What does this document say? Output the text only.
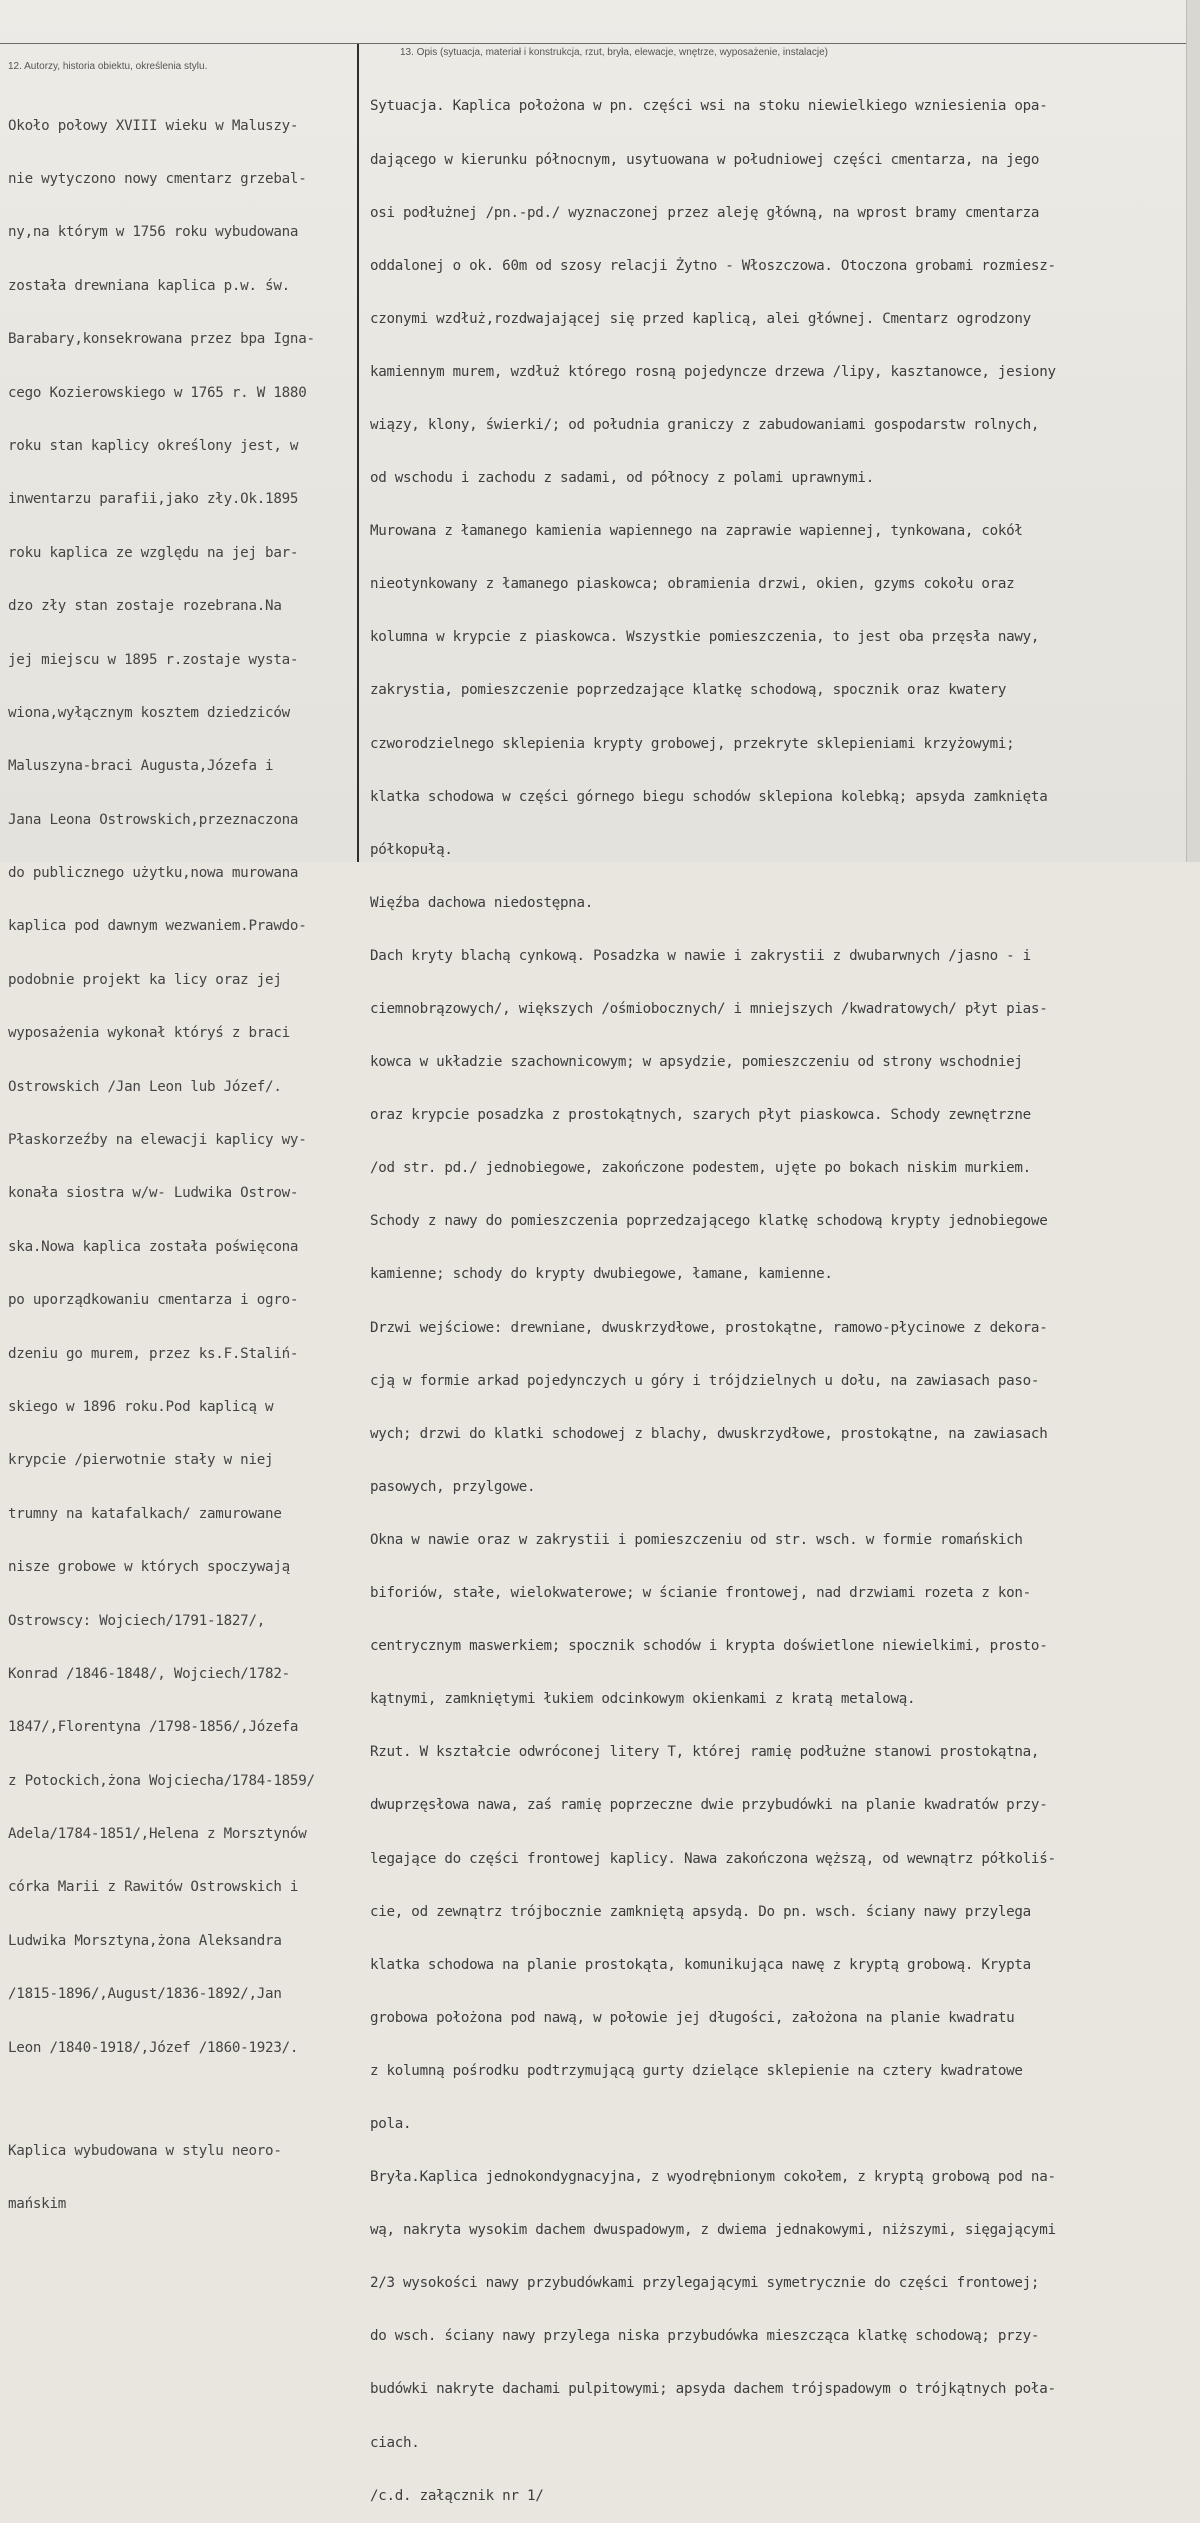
12. Autorzy, historia obiektu, określenia stylu.
13. Opis (sytuacja, materiał i konstrukcja, rzut, bryła, elewacje, wnętrze, wyposażenie, instalacje)

Około połowy XVIII wieku w Maluszy-

nie wytyczono nowy cmentarz grzebal-

ny,na którym w 1756 roku wybudowana

została drewniana kaplica p.w. św.

Barabary,konsekrowana przez bpa Igna-

cego Kozierowskiego w 1765 r. W 1880

roku stan kaplicy określony jest, w

inwentarzu parafii,jako zły.Ok.1895

roku kaplica ze względu na jej bar-

dzo zły stan zostaje rozebrana.Na

jej miejscu w 1895 r.zostaje wysta-

wiona,wyłącznym kosztem dziedziców

Maluszyna-braci Augusta,Józefa i

Jana Leona Ostrowskich,przeznaczona

do publicznego użytku,nowa murowana

kaplica pod dawnym wezwaniem.Prawdo-

podobnie projekt ka licy oraz jej

wyposażenia wykonał któryś z braci

Ostrowskich /Jan Leon lub Józef/.

Płaskorzeźby na elewacji kaplicy wy-

konała siostra w/w- Ludwika Ostrow-

ska.Nowa kaplica została poświęcona

po uporządkowaniu cmentarza i ogro-

dzeniu go murem, przez ks.F.Staliń-

skiego w 1896 roku.Pod kaplicą w

krypcie /pierwotnie stały w niej

trumny na katafalkach/ zamurowane

nisze grobowe w których spoczywają

Ostrowscy: Wojciech/1791-1827/,

Konrad /1846-1848/, Wojciech/1782-

1847/,Florentyna /1798-1856/,Józefa

z Potockich,żona Wojciecha/1784-1859/

Adela/1784-1851/,Helena z Morsztynów

córka Marii z Rawitów Ostrowskich i

Ludwika Morsztyna,żona Aleksandra

/1815-1896/,August/1836-1892/,Jan

Leon /1840-1918/,Józef /1860-1923/.

Kaplica wybudowana w stylu neoro-

mańskim

Sytuacja. Kaplica położona w pn. części wsi na stoku niewielkiego wzniesienia opa-

dającego w kierunku północnym, usytuowana w południowej części cmentarza, na jego

osi podłużnej /pn.-pd./ wyznaczonej przez aleję główną, na wprost bramy cmentarza

oddalonej o ok. 60m od szosy relacji Żytno - Włoszczowa. Otoczona grobami rozmiesz-

czonymi wzdłuż,rozdwajającej się przed kaplicą, alei głównej. Cmentarz ogrodzony

kamiennym murem, wzdłuż którego rosną pojedyncze drzewa /lipy, kasztanowce, jesiony

wiązy, klony, świerki/; od południa graniczy z zabudowaniami gospodarstw rolnych,

od wschodu i zachodu z sadami, od północy z polami uprawnymi.

Murowana z łamanego kamienia wapiennego na zaprawie wapiennej, tynkowana, cokół

nieotynkowany z łamanego piaskowca; obramienia drzwi, okien, gzyms cokołu oraz

kolumna w krypcie z piaskowca. Wszystkie pomieszczenia, to jest oba przęsła nawy,

zakrystia, pomieszczenie poprzedzające klatkę schodową, spocznik oraz kwatery

czworodzielnego sklepienia krypty grobowej, przekryte sklepieniami krzyżowymi;

klatka schodowa w części górnego biegu schodów sklepiona kolebką; apsyda zamknięta

półkopułą.

Więźba dachowa niedostępna.

Dach kryty blachą cynkową. Posadzka w nawie i zakrystii z dwubarwnych /jasno - i

ciemnobrązowych/, większych /ośmiobocznych/ i mniejszych /kwadratowych/ płyt pias-

kowca w układzie szachownicowym; w apsydzie, pomieszczeniu od strony wschodniej

oraz krypcie posadzka z prostokątnych, szarych płyt piaskowca. Schody zewnętrzne

/od str. pd./ jednobiegowe, zakończone podestem, ujęte po bokach niskim murkiem.

Schody z nawy do pomieszczenia poprzedzającego klatkę schodową krypty jednobiegowe

kamienne; schody do krypty dwubiegowe, łamane, kamienne.

Drzwi wejściowe: drewniane, dwuskrzydłowe, prostokątne, ramowo-płycinowe z dekora-

cją w formie arkad pojedynczych u góry i trójdzielnych u dołu, na zawiasach paso-

wych; drzwi do klatki schodowej z blachy, dwuskrzydłowe, prostokątne, na zawiasach

pasowych, przylgowe.

Okna w nawie oraz w zakrystii i pomieszczeniu od str. wsch. w formie romańskich

biforiów, stałe, wielokwaterowe; w ścianie frontowej, nad drzwiami rozeta z kon-

centrycznym maswerkiem; spocznik schodów i krypta doświetlone niewielkimi, prosto-

kątnymi, zamkniętymi łukiem odcinkowym okienkami z kratą metalową.

Rzut. W kształcie odwróconej litery T, której ramię podłużne stanowi prostokątna,

dwuprzęsłowa nawa, zaś ramię poprzeczne dwie przybudówki na planie kwadratów przy-

legające do części frontowej kaplicy. Nawa zakończona węższą, od wewnątrz półkoliś-

cie, od zewnątrz trójbocznie zamkniętą apsydą. Do pn. wsch. ściany nawy przylega

klatka schodowa na planie prostokąta, komunikująca nawę z kryptą grobową. Krypta

grobowa położona pod nawą, w połowie jej długości, założona na planie kwadratu

z kolumną pośrodku podtrzymującą gurty dzielące sklepienie na cztery kwadratowe

pola.

Bryła.Kaplica jednokondygnacyjna, z wyodrębnionym cokołem, z kryptą grobową pod na-

wą, nakryta wysokim dachem dwuspadowym, z dwiema jednakowymi, niższymi, sięgającymi

2/3 wysokości nawy przybudówkami przylegającymi symetrycznie do części frontowej;

do wsch. ściany nawy przylega niska przybudówka mieszcząca klatkę schodową; przy-

budówki nakryte dachami pulpitowymi; apsyda dachem trójspadowym o trójkątnych poła-

ciach.

/c.d. załącznik nr 1/
